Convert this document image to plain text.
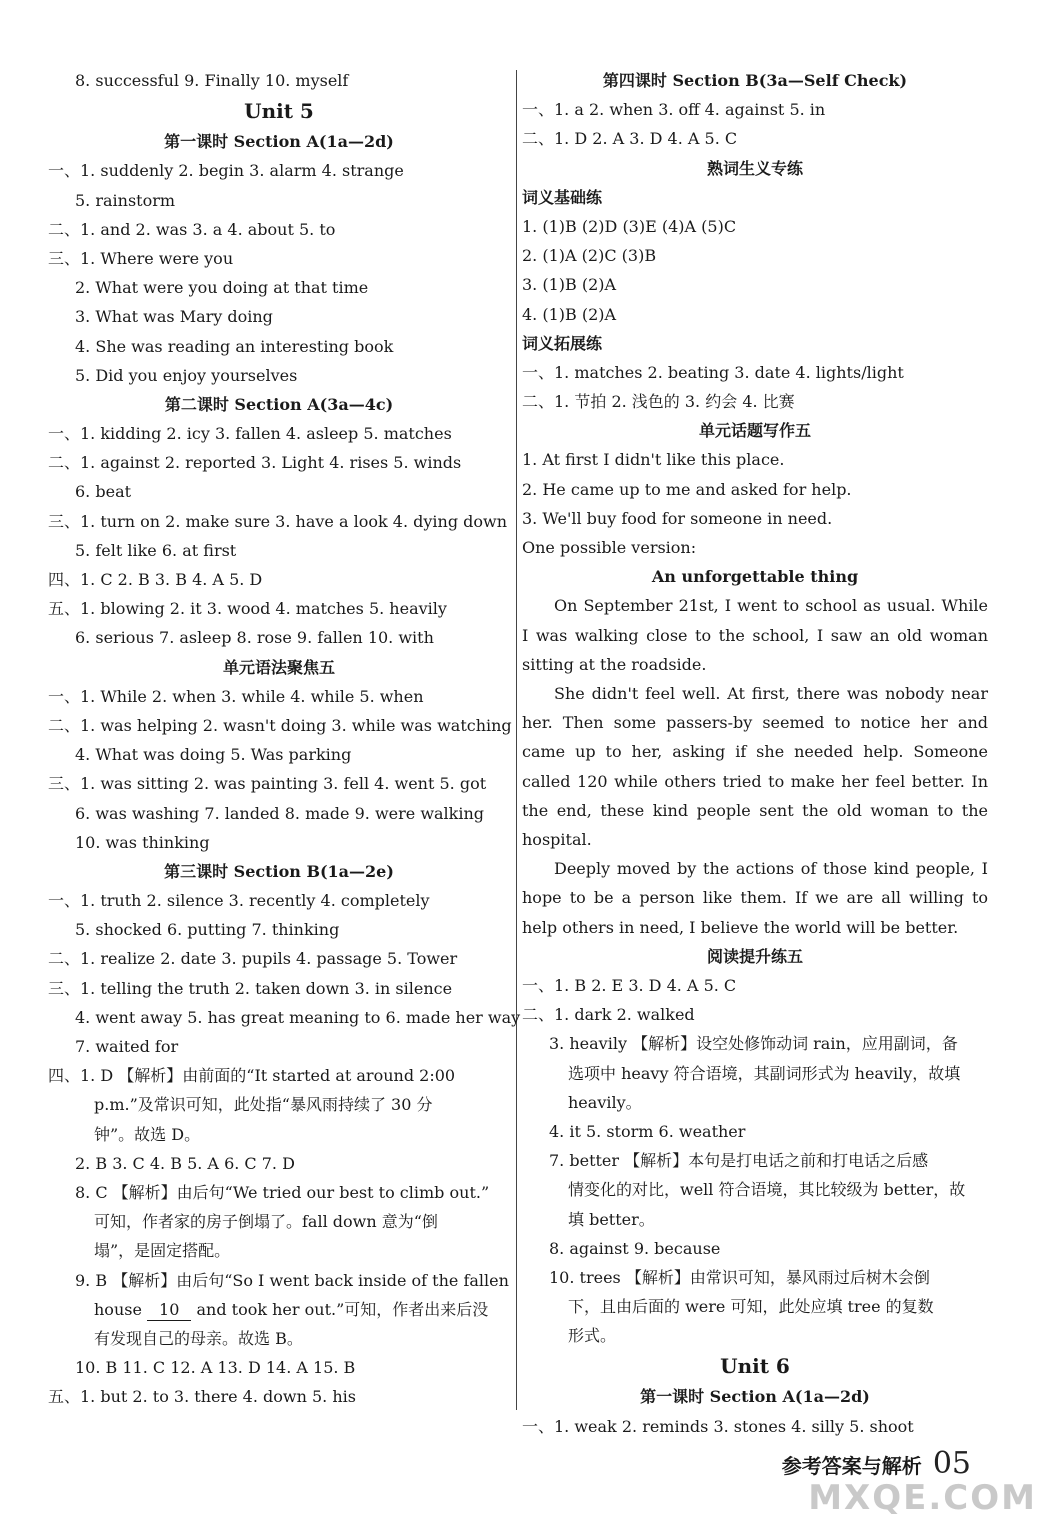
8. successful 9. Finally 10. myself
Unit 5
第一课时 Section A(1a—2d)
一、1. suddenly 2. begin 3. alarm 4. strange
5. rainstorm
二、1. and 2. was 3. a 4. about 5. to
三、1. Where were you
2. What were you doing at that time
3. What was Mary doing
4. She was reading an interesting book
5. Did you enjoy yourselves
第二课时 Section A(3a—4c)
一、1. kidding 2. icy 3. fallen 4. asleep 5. matches
二、1. against 2. reported 3. Light 4. rises 5. winds
6. beat
三、1. turn on 2. make sure 3. have a look 4. dying down
5. felt like 6. at first
四、1. C 2. B 3. B 4. A 5. D
五、1. blowing 2. it 3. wood 4. matches 5. heavily
6. serious 7. asleep 8. rose 9. fallen 10. with
单元语法聚焦五
一、1. While 2. when 3. while 4. while 5. when
二、1. was helping 2. wasn't doing 3. while was watching
4. What was doing 5. Was parking
三、1. was sitting 2. was painting 3. fell 4. went 5. got
6. was washing 7. landed 8. made 9. were walking
10. was thinking
第三课时 Section B(1a—2e)
一、1. truth 2. silence 3. recently 4. completely
5. shocked 6. putting 7. thinking
二、1. realize 2. date 3. pupils 4. passage 5. Tower
三、1. telling the truth 2. taken down 3. in silence
4. went away 5. has great meaning to 6. made her way
7. waited for
四、1. D 【解析】由前面的“It started at around 2:00
p.m.”及常识可知，此处指“暴风雨持续了 30 分
钟”。故选 D。
2. B 3. C 4. B 5. A 6. C 7. D
8. C 【解析】由后句“We tried our best to climb out.”
可知，作者家的房子倒塌了。fall down 意为“倒
塌”，是固定搭配。
9. B 【解析】由后句“So I went back inside of the fallen
house 10 and took her out.”可知，作者出来后没
有发现自己的母亲。故选 B。
10. B 11. C 12. A 13. D 14. A 15. B
五、1. but 2. to 3. there 4. down 5. his
第四课时 Section B(3a—Self Check)
一、1. a 2. when 3. off 4. against 5. in
二、1. D 2. A 3. D 4. A 5. C
熟词生义专练
词义基础练
1. (1)B (2)D (3)E (4)A (5)C
2. (1)A (2)C (3)B
3. (1)B (2)A
4. (1)B (2)A
词义拓展练
一、1. matches 2. beating 3. date 4. lights/light
二、1. 节拍 2. 浅色的 3. 约会 4. 比赛
单元话题写作五
1. At first I didn't like this place.
2. He came up to me and asked for help.
3. We'll buy food for someone in need.
One possible version:
An unforgettable thing
On September 21st, I went to school as usual. While I was walking close to the school, I saw an old woman sitting at the roadside.
She didn't feel well. At first, there was nobody near her. Then some passers-by seemed to notice her and came up to her, asking if she needed help. Someone called 120 while others tried to make her feel better. In the end, these kind people sent the old woman to the hospital.
Deeply moved by the actions of those kind people, I hope to be a person like them. If we are all willing to help others in need, I believe the world will be better.
阅读提升练五
一、1. B 2. E 3. D 4. A 5. C
二、1. dark 2. walked
3. heavily 【解析】设空处修饰动词 rain，应用副词，备
选项中 heavy 符合语境，其副词形式为 heavily，故填
heavily。
4. it 5. storm 6. weather
7. better 【解析】本句是打电话之前和打电话之后感
情变化的对比，well 符合语境，其比较级为 better，故
填 better。
8. against 9. because
10. trees 【解析】由常识可知，暴风雨过后树木会倒
下，且由后面的 were 可知，此处应填 tree 的复数
形式。
Unit 6
第一课时 Section A(1a—2d)
一、1. weak 2. reminds 3. stones 4. silly 5. shoot
参考答案与解析 05
MXQE.COM
